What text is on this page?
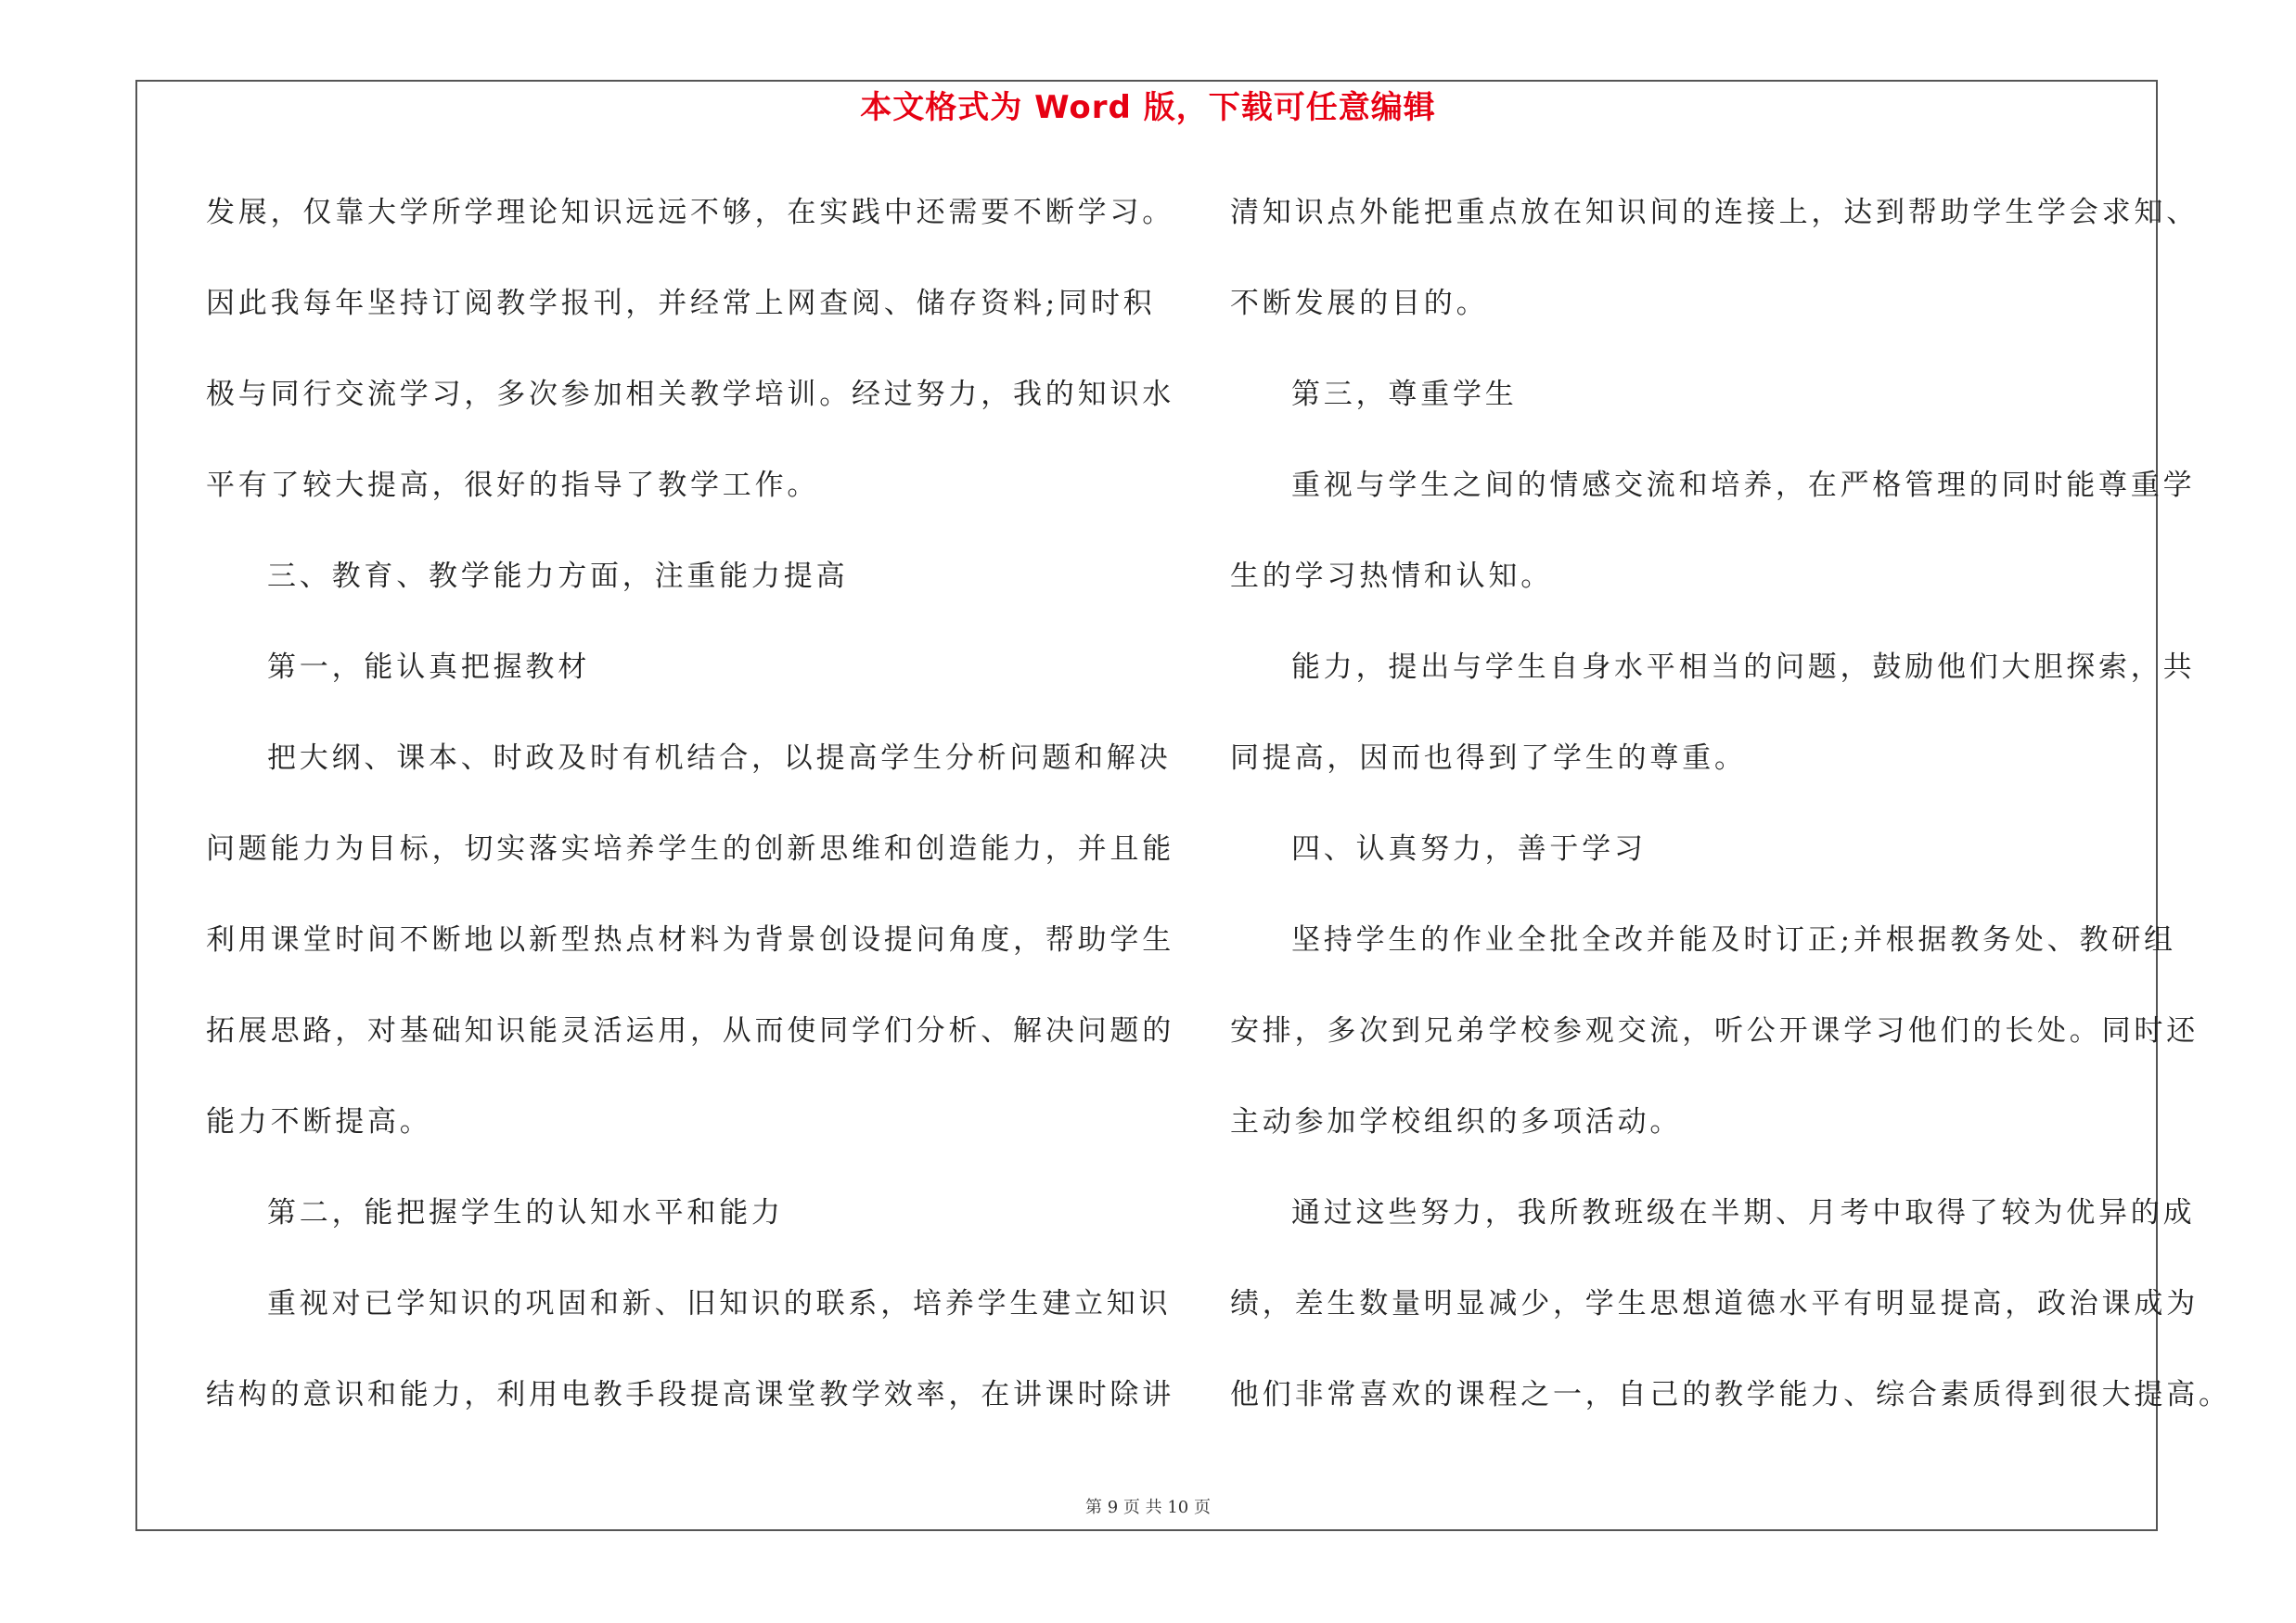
本文格式为 Word 版，下载可任意编辑
发展，仅靠大学所学理论知识远远不够，在实践中还需要不断学习。
因此我每年坚持订阅教学报刊，并经常上网查阅、储存资料;同时积
极与同行交流学习，多次参加相关教学培训。经过努力，我的知识水
平有了较大提高，很好的指导了教学工作。
三、教育、教学能力方面，注重能力提高
第一，能认真把握教材
把大纲、课本、时政及时有机结合，以提高学生分析问题和解决
问题能力为目标，切实落实培养学生的创新思维和创造能力，并且能
利用课堂时间不断地以新型热点材料为背景创设提问角度，帮助学生
拓展思路，对基础知识能灵活运用，从而使同学们分析、解决问题的
能力不断提高。
第二，能把握学生的认知水平和能力
重视对已学知识的巩固和新、旧知识的联系，培养学生建立知识
结构的意识和能力，利用电教手段提高课堂教学效率，在讲课时除讲
清知识点外能把重点放在知识间的连接上，达到帮助学生学会求知、
不断发展的目的。
第三，尊重学生
重视与学生之间的情感交流和培养，在严格管理的同时能尊重学
生的学习热情和认知。
能力，提出与学生自身水平相当的问题，鼓励他们大胆探索，共
同提高，因而也得到了学生的尊重。
四、认真努力，善于学习
坚持学生的作业全批全改并能及时订正;并根据教务处、教研组
安排，多次到兄弟学校参观交流，听公开课学习他们的长处。同时还
主动参加学校组织的多项活动。
通过这些努力，我所教班级在半期、月考中取得了较为优异的成
绩，差生数量明显减少，学生思想道德水平有明显提高，政治课成为
他们非常喜欢的课程之一，自己的教学能力、综合素质得到很大提高。
第 9 页 共 10 页
